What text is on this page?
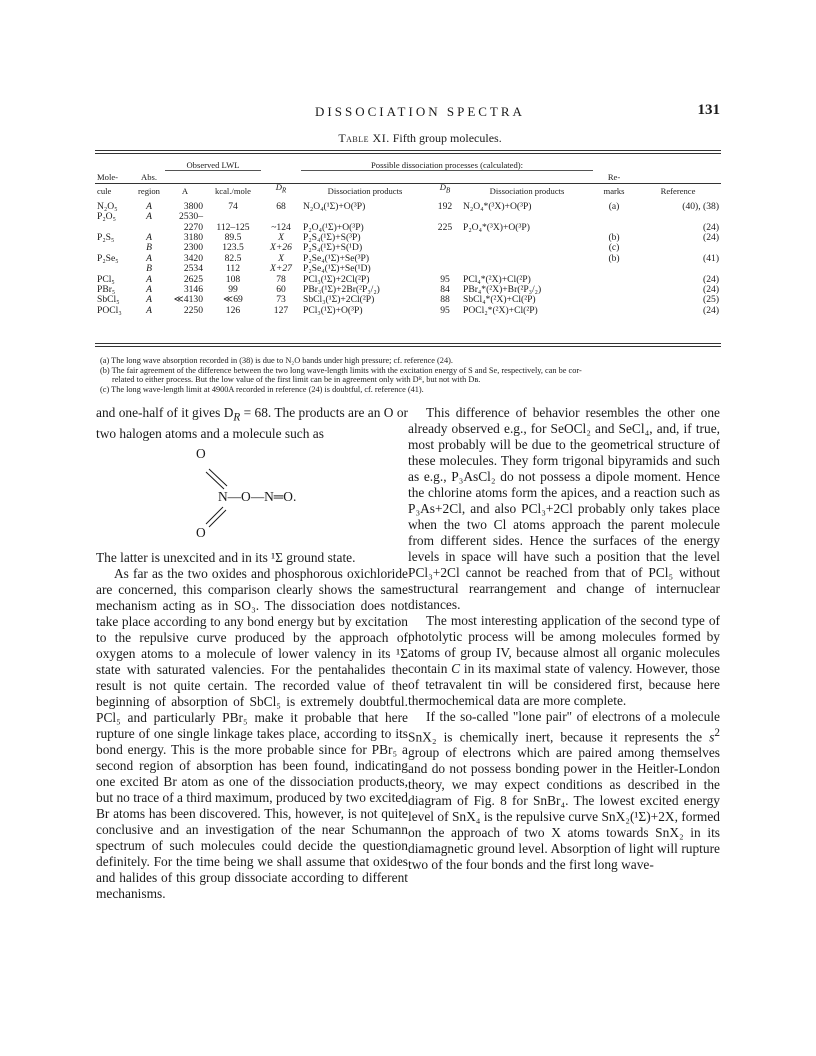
DISSOCIATION SPECTRA	131
Table XI. Fifth group molecules.
		Observed LWL			Possible dissociation processes (calculated):				
Mole-	Abs.							Re-	
cule	region	A	kcal./mole	$D_R$	Dissociation products	$D_B$	Dissociation products	marks	Reference
N₂O₅	A	3800	74	68	N₂O₄(¹Σ)+O(³P)	192	N₂O₄*(³X)+O(³P)	(a)	(40), (38)
P₂O₅	A	2530–							
		2270	112–125	~124	P₂O₄(¹Σ)+O(³P)	225	P₂O₄*(³X)+O(³P)		(24)
P₂S₅	A	3180	89.5	X	P₂S₄(¹Σ)+S(³P)			(b)	(24)
	B	2300	123.5	X+26	P₂S₄(¹Σ)+S(¹D)			(c)	
P₂Se₅	A	3420	82.5	X	P₂Se₄(¹Σ)+Se(³P)			(b)	(41)
	B	2534	112	X+27	P₂Se₄(¹Σ)+Se(¹D)				
PCl₅	A	2625	108	78	PCl₃(¹Σ)+2Cl(²P)	95	PCl₄*(²X)+Cl(²P)		(24)
PBr₅	A	3146	99	60	PBr₃(¹Σ)+2Br(²P₃/₂)	84	PBr₄*(²X)+Br(²P₃/₂)		(24)
SbCl₅	A	≪4130	≪69	73	SbCl₃(¹Σ)+2Cl(²P)	88	SbCl₄*(²X)+Cl(²P)		(25)
POCl₃	A	2250	126	127	PCl₃(¹Σ)+O(³P)	95	POCl₂*(²X)+Cl(²P)		(24)

(a) The long wave absorption recorded in (38) is due to N₂O bands under high pressure; cf. reference (24).

(b) The fair agreement of the difference between the two long wave-length limits with the excitation energy of S and Se, respectively, can be cor-

related to either process. But the low value of the first limit can be in agreement only with Dᴿ, but not with Dʙ.

(c) The long wave-length limit at 4900A recorded in reference (24) is doubtful, cf. reference (41).

and one-half of it gives $D_R = 68$. The products are an O or two halogen atoms and a molecule such as

O
N—O—N═O.
O

The latter is unexcited and in its ¹Σ ground state.

As far as the two oxides and phosphorous oxichloride are concerned, this comparison clearly shows the same mechanism acting as in SO₃. The dissociation does not take place according to any bond energy but by excitation to the repulsive curve produced by the approach of oxygen atoms to a molecule of lower valency in its ¹Σ state with saturated valencies. For the pentahalides the result is not quite certain. The recorded value of the beginning of absorption of SbCl₅ is extremely doubtful. PCl₅ and particularly PBr₅ make it probable that here rupture of one single linkage takes place, according to its bond energy. This is the more probable since for PBr₅ a second region of absorption has been found, indicating one excited Br atom as one of the dissociation products, but no trace of a third maximum, produced by two excited Br atoms has been discovered. This, however, is not quite conclusive and an investigation of the near Schumann spectrum of such molecules could decide the question definitely. For the time being we shall assume that oxides and halides of this group dissociate according to different mechanisms.

This difference of behavior resembles the other one already observed e.g., for SeOCl₂ and SeCl₄, and, if true, most probably will be due to the geometrical structure of these molecules. They form trigonal bipyramids and such as e.g., P₃AsCl₂ do not possess a dipole moment. Hence the chlorine atoms form the apices, and a reaction such as P₃As+2Cl, and also PCl₃+2Cl probably only takes place when the two Cl atoms approach the parent molecule from different sides. Hence the surfaces of the energy levels in space will have such a position that the level PCl₃+2Cl cannot be reached from that of PCl₅ without structural rearrangement and change of internuclear distances.

The most interesting application of the second type of photolytic process will be among molecules formed by atoms of group IV, because almost all organic molecules contain C in its maximal state of valency. However, those of tetravalent tin will be considered first, because here thermochemical data are more complete.

If the so-called "lone pair" of electrons of a molecule SnX₂ is chemically inert, because it represents the $s^2$ group of electrons which are paired among themselves and do not possess bonding power in the Heitler-London theory, we may expect conditions as described in the diagram of Fig. 8 for SnBr₄. The lowest excited energy level of SnX₄ is the repulsive curve SnX₂(¹Σ)+2X, formed on the approach of two X atoms towards SnX₂ in its diamagnetic ground level. Absorption of light will rupture two of the four bonds and the first long wave-
